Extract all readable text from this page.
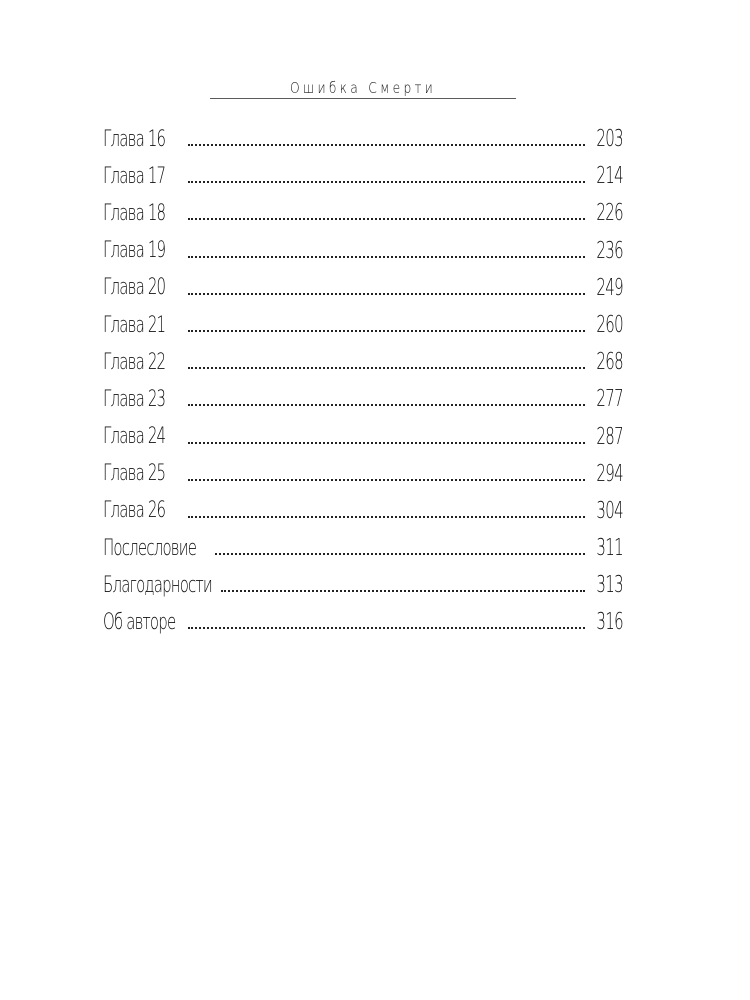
Ошибка Смерти
Глава 16	203
Глава 17	214
Глава 18	226
Глава 19	236
Глава 20	249
Глава 21	260
Глава 22	268
Глава 23	277
Глава 24	287
Глава 25	294
Глава 26	304
Послесловие	311
Благодарности	313
Об авторе	316
